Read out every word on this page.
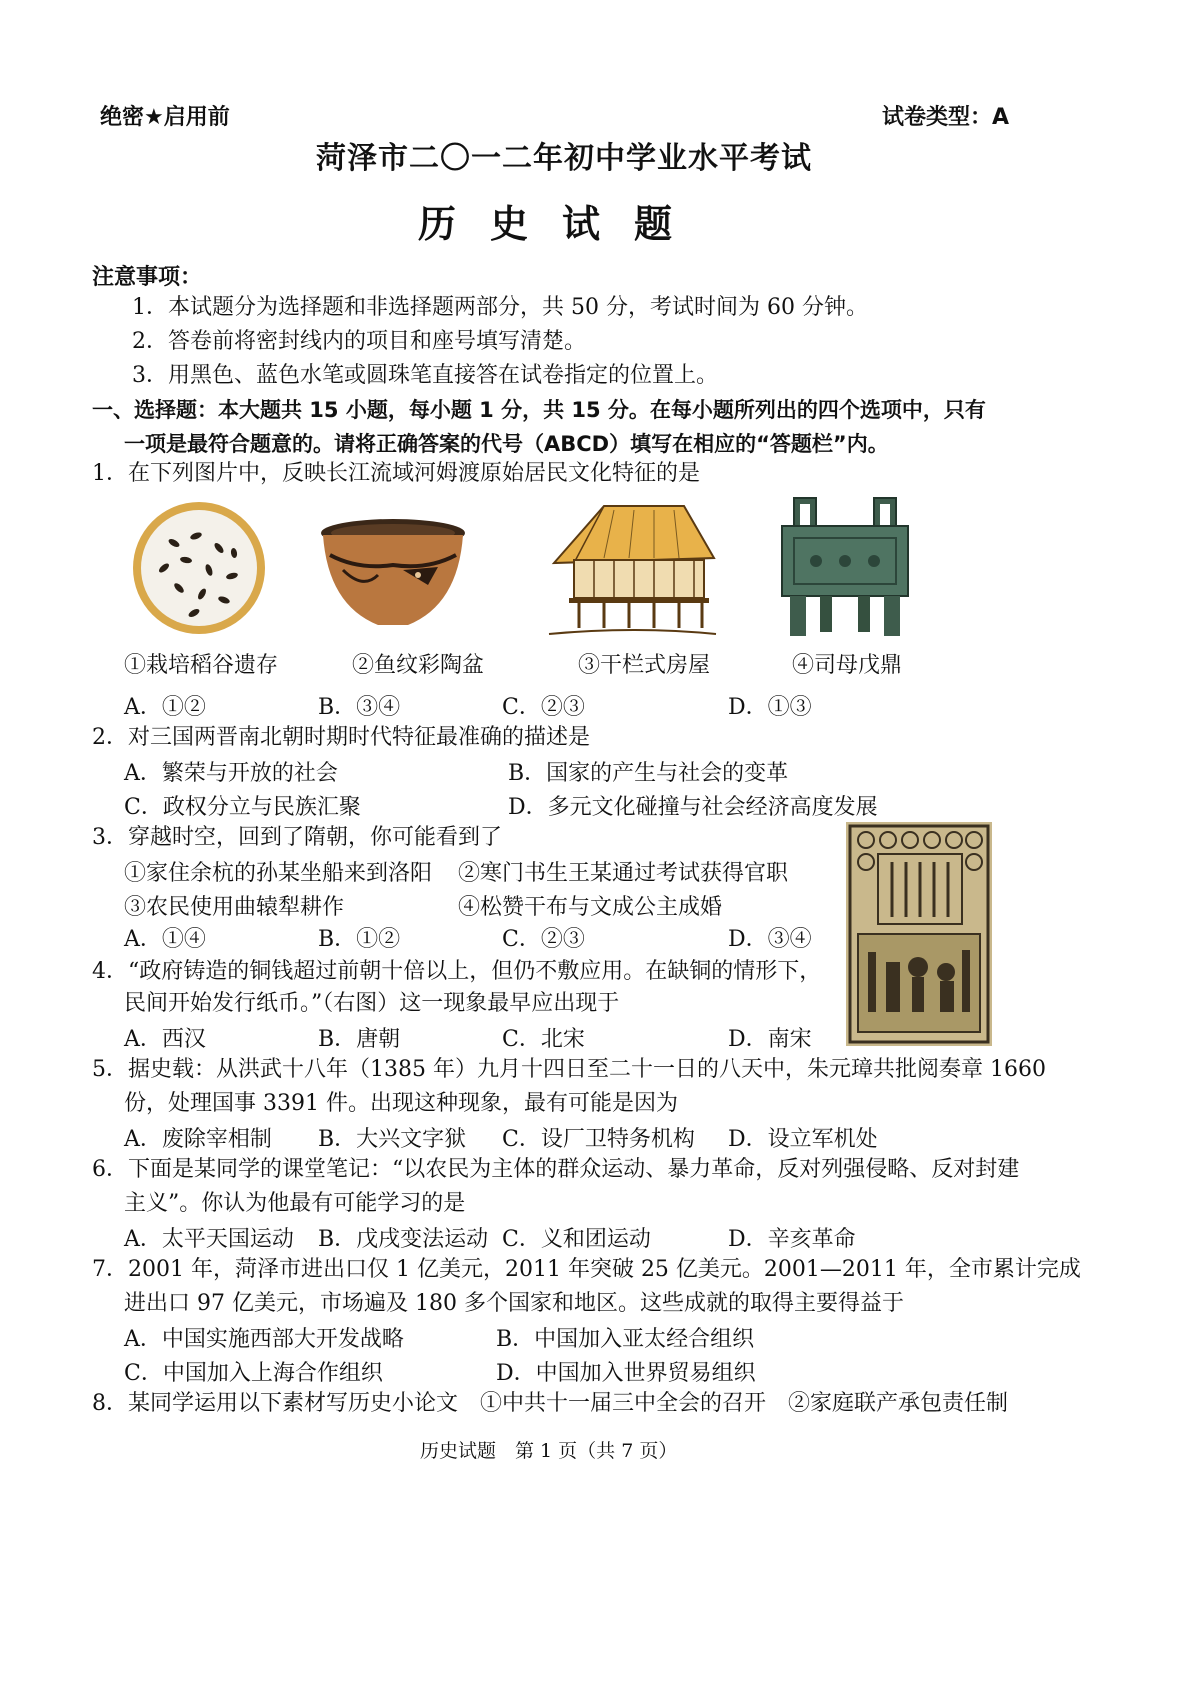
绝密★启用前	试卷类型：A
菏泽市二〇一二年初中学业水平考试
历史试题
注意事项：
1．本试题分为选择题和非选择题两部分，共 50 分，考试时间为 60 分钟。
2．答卷前将密封线内的项目和座号填写清楚。
3．用黑色、蓝色水笔或圆珠笔直接答在试卷指定的位置上。
一、选择题：本大题共 15 小题，每小题 1 分，共 15 分。在每小题所列出的四个选项中，只有
一项是最符合题意的。请将正确答案的代号（ABCD）填写在相应的“答题栏”内。
1．在下列图片中，反映长江流域河姆渡原始居民文化特征的是
①栽培稻谷遗存	②鱼纹彩陶盆	③干栏式房屋	④司母戊鼎
A．①②	B．③④	C．②③	D．①③
2．对三国两晋南北朝时期时代特征最准确的描述是
A．繁荣与开放的社会	B．国家的产生与社会的变革
C．政权分立与民族汇聚	D．多元文化碰撞与社会经济高度发展
3．穿越时空，回到了隋朝，你可能看到了
①家住余杭的孙某坐船来到洛阳 ②寒门书生王某通过考试获得官职
③农民使用曲辕犁耕作	④松赞干布与文成公主成婚
A．①④	B．①②	C．②③	D．③④
4．“政府铸造的铜钱超过前朝十倍以上，但仍不敷应用。在缺铜的情形下，
民间开始发行纸币。”（右图）这一现象最早应出现于
A．西汉	B．唐朝	C．北宋	D．南宋
5．据史载：从洪武十八年（1385 年）九月十四日至二十一日的八天中，朱元璋共批阅奏章 1660
份，处理国事 3391 件。出现这种现象，最有可能是因为
A．废除宰相制 B．大兴文字狱 C．设厂卫特务机构 D．设立军机处
6．下面是某同学的课堂笔记：“以农民为主体的群众运动、暴力革命，反对列强侵略、反对封建
主义”。你认为他最有可能学习的是
A．太平天国运动 B．戊戌变法运动 C．义和团运动	D．辛亥革命
7．2001 年，菏泽市进出口仅 1 亿美元，2011 年突破 25 亿美元。2001—2011 年，全市累计完成
进出口 97 亿美元，市场遍及 180 多个国家和地区。这些成就的取得主要得益于
A．中国实施西部大开发战略	B．中国加入亚太经合组织
C．中国加入上海合作组织	D．中国加入世界贸易组织
8．某同学运用以下素材写历史小论文　①中共十一届三中全会的召开　②家庭联产承包责任制
历史试题　第 1 页（共 7 页）
